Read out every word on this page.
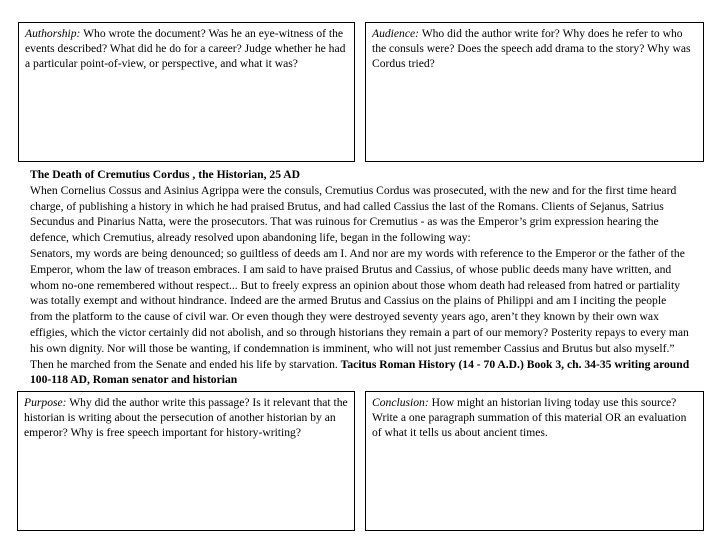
Authorship: Who wrote the document? Was he an eye-witness of the events described? What did he do for a career? Judge whether he had a particular point-of-view, or perspective, and what it was?
Audience: Who did the author write for? Why does he refer to who the consuls were? Does the speech add drama to the story? Why was Cordus tried?
The Death of Cremutius Cordus , the Historian, 25 AD

When Cornelius Cossus and Asinius Agrippa were the consuls, Cremutius Cordus was prosecuted, with the new and for the first time heard charge, of publishing a history in which he had praised Brutus, and had called Cassius the last of the Romans. Clients of Sejanus, Satrius Secundus and Pinarius Natta, were the prosecutors. That was ruinous for Cremutius - as was the Emperor’s grim expression hearing the defence, which Cremutius, already resolved upon abandoning life, began in the following way:

Senators, my words are being denounced; so guiltless of deeds am I. And nor are my words with reference to the Emperor or the father of the Emperor, whom the law of treason embraces. I am said to have praised Brutus and Cassius, of whose public deeds many have written, and whom no-one remembered without respect... But to freely express an opinion about those whom death had released from hatred or partiality was totally exempt and without hindrance. Indeed are the armed Brutus and Cassius on the plains of Philippi and am I inciting the people from the platform to the cause of civil war. Or even though they were destroyed seventy years ago, aren’t they known by their own wax effigies, which the victor certainly did not abolish, and so through historians they remain a part of our memory? Posterity repays to every man his own dignity. Nor will those be wanting, if condemnation is imminent, who will not just remember Cassius and Brutus but also myself.” Then he marched from the Senate and ended his life by starvation. Tacitus Roman History (14 - 70 A.D.) Book 3, ch. 34-35 writing around 100-118 AD, Roman senator and historian

Purpose: Why did the author write this passage? Is it relevant that the historian is writing about the persecution of another historian by an emperor? Why is free speech important for history-writing?
Conclusion: How might an historian living today use this source? Write a one paragraph summation of this material OR an evaluation of what it tells us about ancient times.
